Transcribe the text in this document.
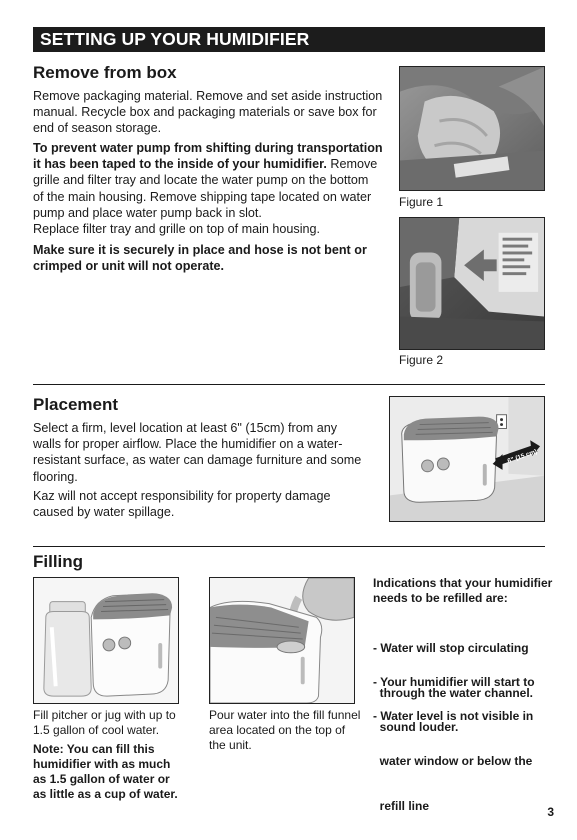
SETTING UP YOUR HUMIDIFIER
Remove from box
Remove packaging material. Remove and set aside instruction
manual. Recycle box and packaging materials or save box for
end of season storage.
To prevent water pump from shifting during transportation
it has been taped to the inside of your humidifier. Remove
grille and filter tray and locate the water pump on the bottom
of the main housing. Remove shipping tape located on water
pump and place water pump back in slot.
Replace filter tray and grille on top of main housing.
Make sure it is securely in place and hose is not bent or
crimped or unit will not operate.
Figure 1
Figure 2
Placement
Select a firm, level location at least 6" (15cm) from any
walls for proper airflow. Place the humidifier on a water-
resistant surface, as water can damage furniture and some
flooring.
Kaz will not accept responsibility for property damage
caused by water spillage.
6" (15 cm)
Filling
Fill pitcher or jug with up to
1.5 gallon of cool water.
Note: You can fill this
humidifier with as much
as 1.5 gallon of water or
as little as a cup of water.
Pour water into the fill funnel
area located on the top of
the unit.
Indications that your humidifier
needs to be refilled are:

- Water will stop circulating

through the water channel.

- Your humidifier will start to

sound louder.

- Water level is not visible in

water window or below the

refill line	3
